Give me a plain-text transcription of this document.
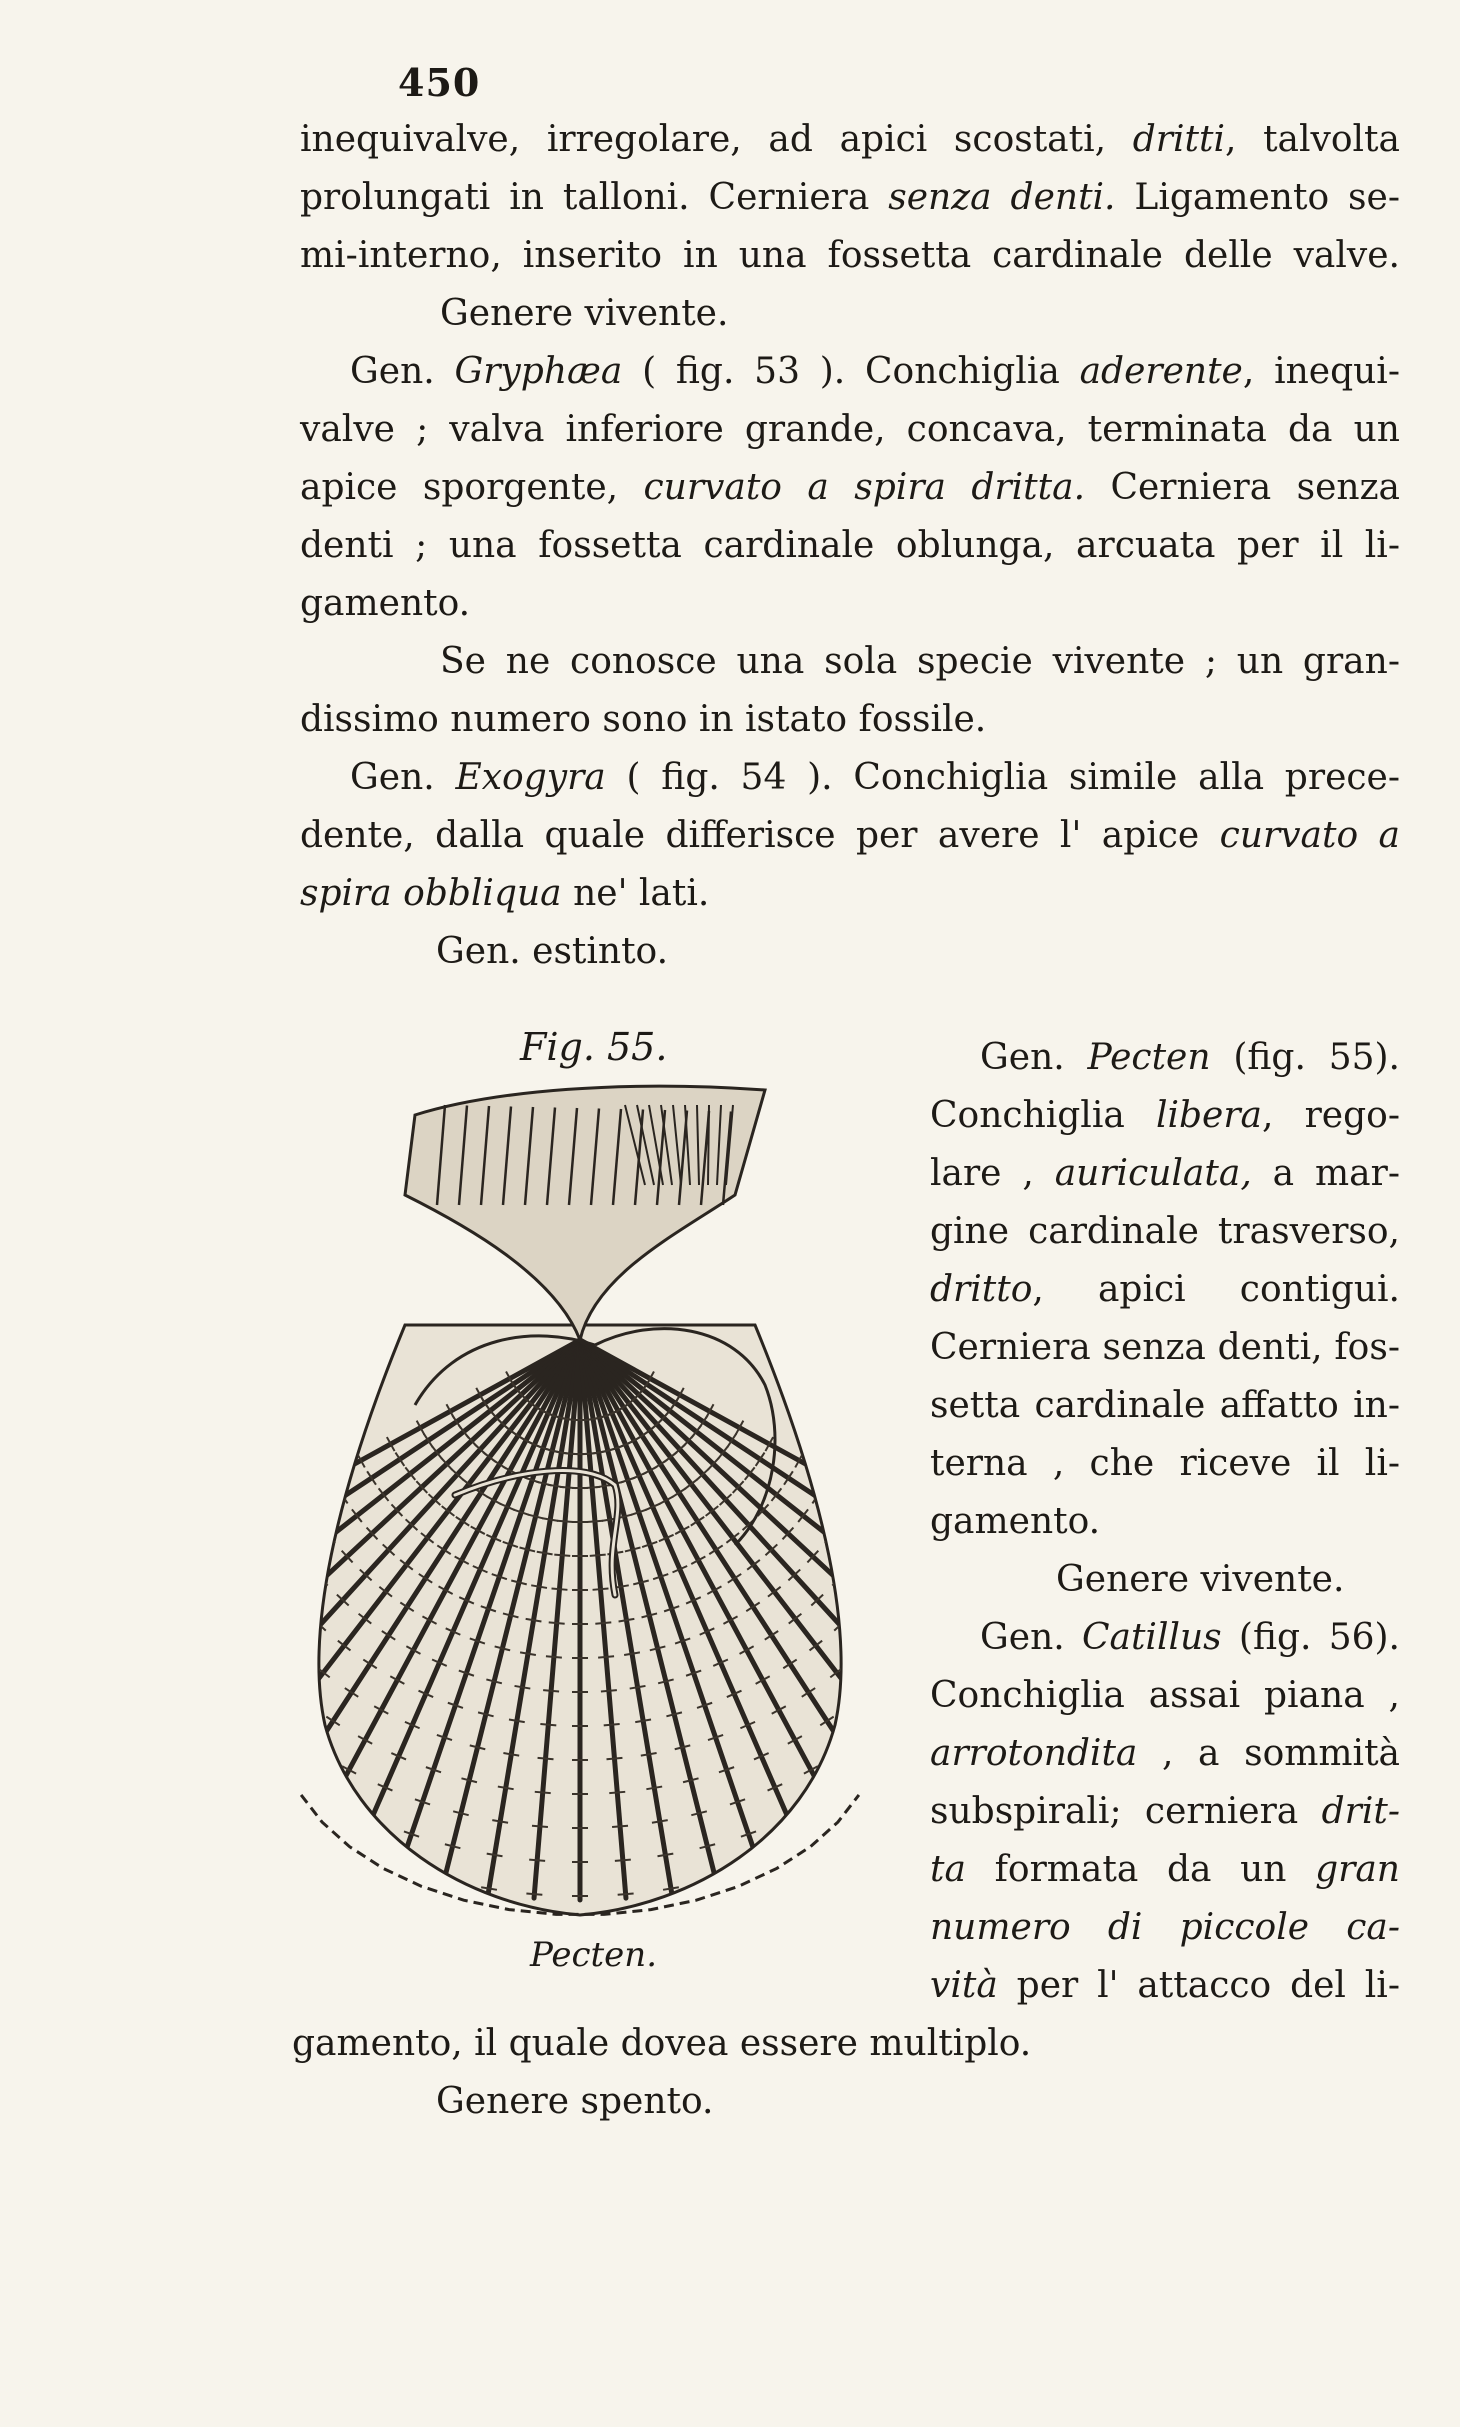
450
inequivalve, irregolare, ad apici scostati, dritti, talvolta
prolungati in talloni. Cerniera senza denti. Ligamento se-
mi-interno, inserito in una fossetta cardinale delle valve.
Genere vivente.
Gen. Gryphæa ( fig. 53 ). Conchiglia aderente, inequi-
valve ; valva inferiore grande, concava, terminata da un
apice sporgente, curvato a spira dritta. Cerniera senza
denti ; una fossetta cardinale oblunga, arcuata per il li-
gamento.
Se ne conosce una sola specie vivente ; un gran-
dissimo numero sono in istato fossile.
Gen. Exogyra ( fig. 54 ). Conchiglia simile alla prece-
dente, dalla quale differisce per avere l' apice curvato a
spira obbliqua ne' lati.
Gen. estinto.
Fig. 55.
Pecten.
Gen. Pecten (fig. 55).
Conchiglia libera, rego-
lare , auriculata, a mar-
gine cardinale trasverso,
dritto, apici contigui.
Cerniera senza denti, fos-
setta cardinale affatto in-
terna , che riceve il li-
gamento.
Genere vivente.
Gen. Catillus (fig. 56).
Conchiglia assai piana ,
arrotondita , a sommità
subspirali; cerniera drit-
ta formata da un gran
numero di piccole ca-
vità per l' attacco del li-
gamento, il quale dovea essere multiplo.
Genere spento.
